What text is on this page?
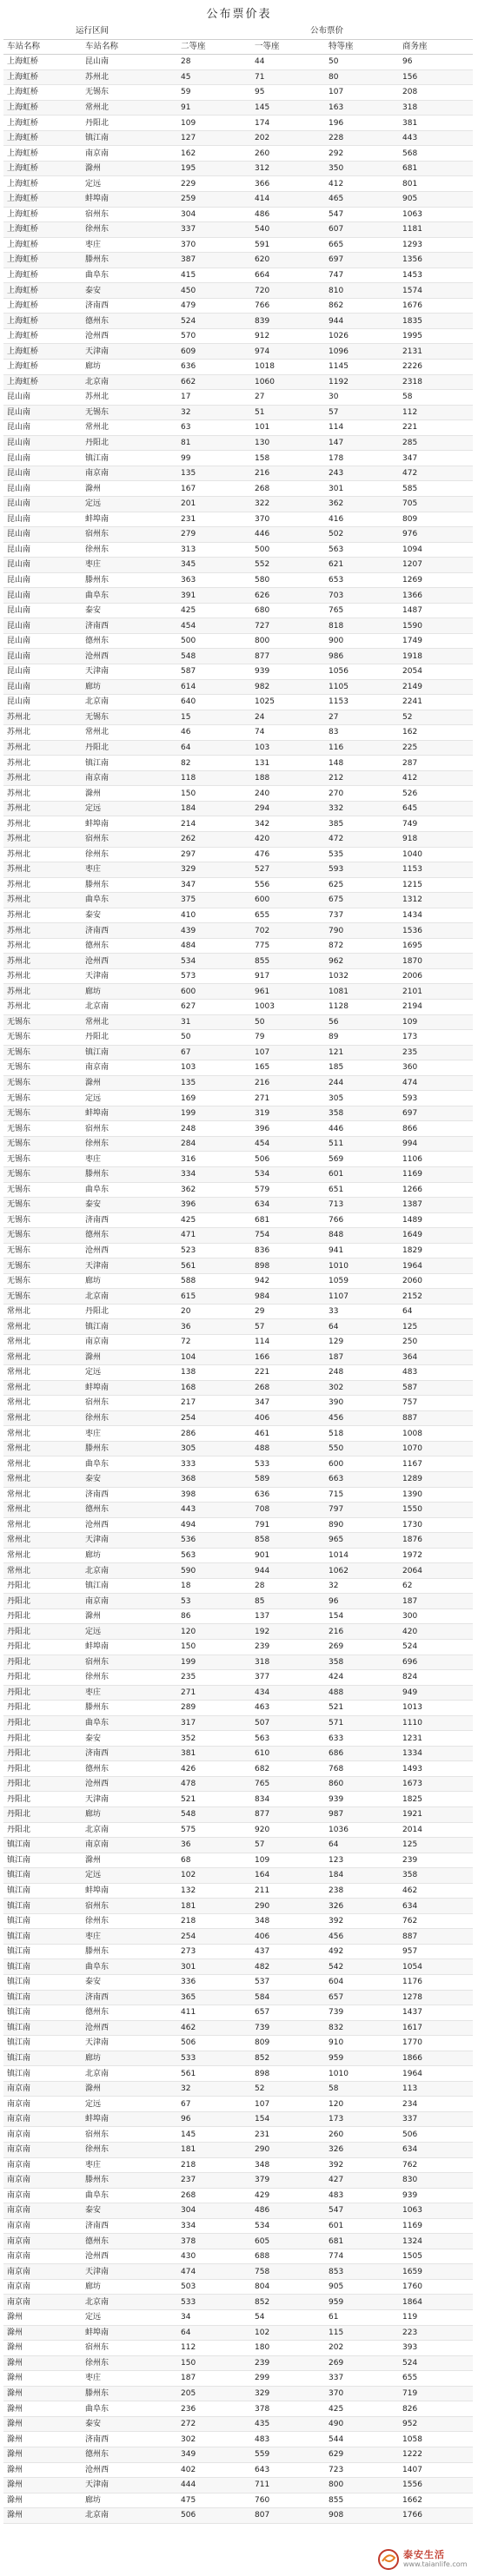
公布票价表
运行区间		公布票价			
车站名称	车站名称	二等座	一等座	特等座	商务座
上海虹桥	昆山南	28	44	50	96
上海虹桥	苏州北	45	71	80	156
上海虹桥	无锡东	59	95	107	208
上海虹桥	常州北	91	145	163	318
上海虹桥	丹阳北	109	174	196	381
上海虹桥	镇江南	127	202	228	443
上海虹桥	南京南	162	260	292	568
上海虹桥	滁州	195	312	350	681
上海虹桥	定远	229	366	412	801
上海虹桥	蚌埠南	259	414	465	905
上海虹桥	宿州东	304	486	547	1063
上海虹桥	徐州东	337	540	607	1181
上海虹桥	枣庄	370	591	665	1293
上海虹桥	滕州东	387	620	697	1356
上海虹桥	曲阜东	415	664	747	1453
上海虹桥	泰安	450	720	810	1574
上海虹桥	济南西	479	766	862	1676
上海虹桥	德州东	524	839	944	1835
上海虹桥	沧州西	570	912	1026	1995
上海虹桥	天津南	609	974	1096	2131
上海虹桥	廊坊	636	1018	1145	2226
上海虹桥	北京南	662	1060	1192	2318
昆山南	苏州北	17	27	30	58
昆山南	无锡东	32	51	57	112
昆山南	常州北	63	101	114	221
昆山南	丹阳北	81	130	147	285
昆山南	镇江南	99	158	178	347
昆山南	南京南	135	216	243	472
昆山南	滁州	167	268	301	585
昆山南	定远	201	322	362	705
昆山南	蚌埠南	231	370	416	809
昆山南	宿州东	279	446	502	976
昆山南	徐州东	313	500	563	1094
昆山南	枣庄	345	552	621	1207
昆山南	滕州东	363	580	653	1269
昆山南	曲阜东	391	626	703	1366
昆山南	泰安	425	680	765	1487
昆山南	济南西	454	727	818	1590
昆山南	德州东	500	800	900	1749
昆山南	沧州西	548	877	986	1918
昆山南	天津南	587	939	1056	2054
昆山南	廊坊	614	982	1105	2149
昆山南	北京南	640	1025	1153	2241
苏州北	无锡东	15	24	27	52
苏州北	常州北	46	74	83	162
苏州北	丹阳北	64	103	116	225
苏州北	镇江南	82	131	148	287
苏州北	南京南	118	188	212	412
苏州北	滁州	150	240	270	526
苏州北	定远	184	294	332	645
苏州北	蚌埠南	214	342	385	749
苏州北	宿州东	262	420	472	918
苏州北	徐州东	297	476	535	1040
苏州北	枣庄	329	527	593	1153
苏州北	滕州东	347	556	625	1215
苏州北	曲阜东	375	600	675	1312
苏州北	泰安	410	655	737	1434
苏州北	济南西	439	702	790	1536
苏州北	德州东	484	775	872	1695
苏州北	沧州西	534	855	962	1870
苏州北	天津南	573	917	1032	2006
苏州北	廊坊	600	961	1081	2101
苏州北	北京南	627	1003	1128	2194
无锡东	常州北	31	50	56	109
无锡东	丹阳北	50	79	89	173
无锡东	镇江南	67	107	121	235
无锡东	南京南	103	165	185	360
无锡东	滁州	135	216	244	474
无锡东	定远	169	271	305	593
无锡东	蚌埠南	199	319	358	697
无锡东	宿州东	248	396	446	866
无锡东	徐州东	284	454	511	994
无锡东	枣庄	316	506	569	1106
无锡东	滕州东	334	534	601	1169
无锡东	曲阜东	362	579	651	1266
无锡东	泰安	396	634	713	1387
无锡东	济南西	425	681	766	1489
无锡东	德州东	471	754	848	1649
无锡东	沧州西	523	836	941	1829
无锡东	天津南	561	898	1010	1964
无锡东	廊坊	588	942	1059	2060
无锡东	北京南	615	984	1107	2152
常州北	丹阳北	20	29	33	64
常州北	镇江南	36	57	64	125
常州北	南京南	72	114	129	250
常州北	滁州	104	166	187	364
常州北	定远	138	221	248	483
常州北	蚌埠南	168	268	302	587
常州北	宿州东	217	347	390	757
常州北	徐州东	254	406	456	887
常州北	枣庄	286	461	518	1008
常州北	滕州东	305	488	550	1070
常州北	曲阜东	333	533	600	1167
常州北	泰安	368	589	663	1289
常州北	济南西	398	636	715	1390
常州北	德州东	443	708	797	1550
常州北	沧州西	494	791	890	1730
常州北	天津南	536	858	965	1876
常州北	廊坊	563	901	1014	1972
常州北	北京南	590	944	1062	2064
丹阳北	镇江南	18	28	32	62
丹阳北	南京南	53	85	96	187
丹阳北	滁州	86	137	154	300
丹阳北	定远	120	192	216	420
丹阳北	蚌埠南	150	239	269	524
丹阳北	宿州东	199	318	358	696
丹阳北	徐州东	235	377	424	824
丹阳北	枣庄	271	434	488	949
丹阳北	滕州东	289	463	521	1013
丹阳北	曲阜东	317	507	571	1110
丹阳北	泰安	352	563	633	1231
丹阳北	济南西	381	610	686	1334
丹阳北	德州东	426	682	768	1493
丹阳北	沧州西	478	765	860	1673
丹阳北	天津南	521	834	939	1825
丹阳北	廊坊	548	877	987	1921
丹阳北	北京南	575	920	1036	2014
镇江南	南京南	36	57	64	125
镇江南	滁州	68	109	123	239
镇江南	定远	102	164	184	358
镇江南	蚌埠南	132	211	238	462
镇江南	宿州东	181	290	326	634
镇江南	徐州东	218	348	392	762
镇江南	枣庄	254	406	456	887
镇江南	滕州东	273	437	492	957
镇江南	曲阜东	301	482	542	1054
镇江南	泰安	336	537	604	1176
镇江南	济南西	365	584	657	1278
镇江南	德州东	411	657	739	1437
镇江南	沧州西	462	739	832	1617
镇江南	天津南	506	809	910	1770
镇江南	廊坊	533	852	959	1866
镇江南	北京南	561	898	1010	1964
南京南	滁州	32	52	58	113
南京南	定远	67	107	120	234
南京南	蚌埠南	96	154	173	337
南京南	宿州东	145	231	260	506
南京南	徐州东	181	290	326	634
南京南	枣庄	218	348	392	762
南京南	滕州东	237	379	427	830
南京南	曲阜东	268	429	483	939
南京南	泰安	304	486	547	1063
南京南	济南西	334	534	601	1169
南京南	德州东	378	605	681	1324
南京南	沧州西	430	688	774	1505
南京南	天津南	474	758	853	1659
南京南	廊坊	503	804	905	1760
南京南	北京南	533	852	959	1864
滁州	定远	34	54	61	119
滁州	蚌埠南	64	102	115	223
滁州	宿州东	112	180	202	393
滁州	徐州东	150	239	269	524
滁州	枣庄	187	299	337	655
滁州	滕州东	205	329	370	719
滁州	曲阜东	236	378	425	826
滁州	泰安	272	435	490	952
滁州	济南西	302	483	544	1058
滁州	德州东	349	559	629	1222
滁州	沧州西	402	643	723	1407
滁州	天津南	444	711	800	1556
滁州	廊坊	475	760	855	1662
滁州	北京南	506	807	908	1766
泰安生活
www.taianlife.com
